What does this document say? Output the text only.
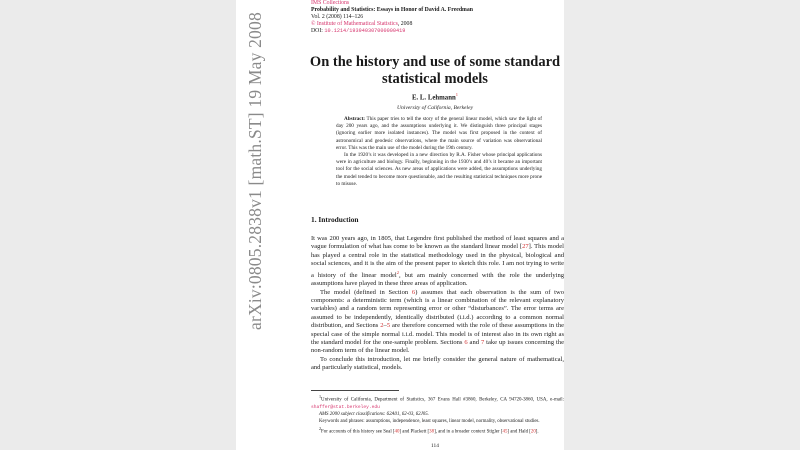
arXiv:0805.2838v1 [math.ST] 19 May 2008
IMS Collections
Probability and Statistics: Essays in Honor of David A. Freedman
Vol. 2 (2008) 114–126
© Institute of Mathematical Statistics, 2008
DOI: 10.1214/193940307000000419
On the history and use of some standard
statistical models
E. L. Lehmann$^1$
University of California, Berkeley
Abstract: This paper tries to tell the story of the general linear model, which saw the light of day 200 years ago, and the assumptions underlying it. We distinguish three principal stages (ignoring earlier more isolated instances). The model was first proposed in the context of astronomical and geodesic observations, where the main source of variation was observational error. This was the main use of the model during the 19th century.
In the 1920’s it was developed in a new direction by R.A. Fisher whose principal applications were in agriculture and biology. Finally, beginning in the 1930’s and 40’s it became an important tool for the social sciences. As new areas of applications were added, the assumptions underlying the model tended to become more questionable, and the resulting statistical techniques more prone to misuse.
1. Introduction
It was 200 years ago, in 1805, that Legendre first published the method of least squares and a vague formulation of what has come to be known as the standard linear model [27]. This model has played a central role in the statistical methodology used in the physical, biological and social sciences, and it is the aim of the present paper to sketch this role. I am not trying to write a history of the linear model$^2$, but am mainly concerned with the role the underlying assumptions have played in these three areas of application.
The model (defined in Section 6) assumes that each observation is the sum of two components: a deterministic term (which is a linear combination of the relevant explanatory variables) and a random term representing error or other “disturbances”. The error terms are assumed to be independently, identically distributed (i.i.d.) according to a common normal distribution, and Sections 2–5 are therefore concerned with the role of these assumptions in the special case of the simple normal i.i.d. model. This model is of interest also in its own right as the standard model for the one-sample problem. Sections 6 and 7 take up issues concerning the non-random term of the linear model.
To conclude this introduction, let me briefly consider the general nature of mathematical, and particularly statistical, models.
$^1$University of California, Department of Statistics, 367 Evans Hall #3860, Berkeley, CA 94720-3860, USA, e-mail: shaffer@stat.berkeley.edu
AMS 2000 subject classifications: 62A01, 62-03, 62J05.
Keywords and phrases: assumptions, independence, least squares, linear model, normality, observational studies.
$^2$For accounts of this history see Seal [40] and Plackett [38], and in a broader context Stigler [45] and Hald [20].
114
